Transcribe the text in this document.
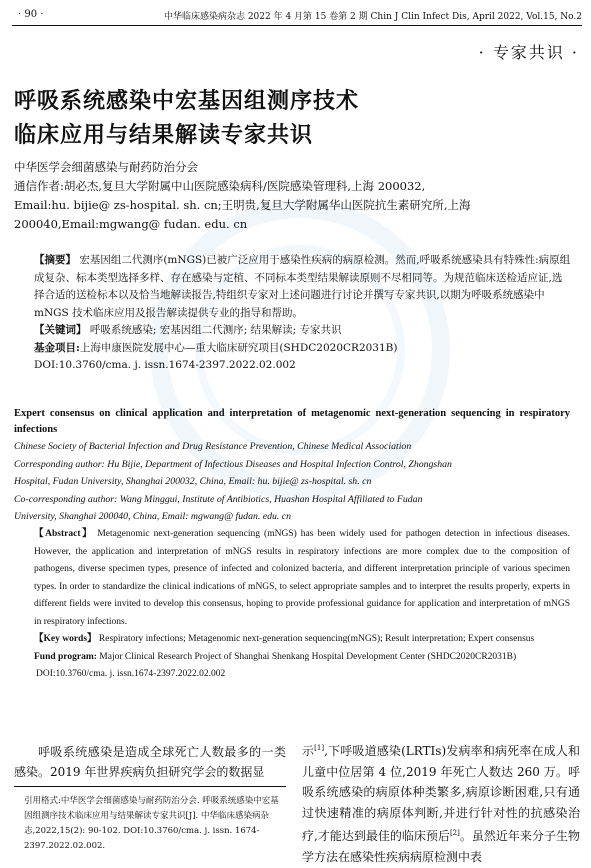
· 90 ·	中华临床感染病杂志 2022 年 4 月第 15 卷第 2 期 Chin J Clin Infect Dis, April 2022, Vol.15, No.2
· 专家共识 ·
呼吸系统感染中宏基因组测序技术
临床应用与结果解读专家共识
中华医学会细菌感染与耐药防治分会
通信作者:胡必杰,复旦大学附属中山医院感染病科/医院感染管理科,上海 200032,
Email:hu. bijie@ zs-hospital. sh. cn;王明贵,复旦大学附属华山医院抗生素研究所,上海
200040,Email:mgwang@ fudan. edu. cn

【摘要】 宏基因组二代测序(mNGS)已被广泛应用于感染性疾病的病原检测。然而,呼吸系统感染具有特殊性:病原组成复杂、标本类型选择多样、存在感染与定植、不同标本类型结果解读原则不尽相同等。为规范临床送检适应证,选择合适的送检标本以及恰当地解读报告,特组织专家对上述问题进行讨论并撰写专家共识,以期为呼吸系统感染中 mNGS 技术临床应用及报告解读提供专业的指导和帮助。

【关键词】 呼吸系统感染; 宏基因组二代测序; 结果解读; 专家共识

基金项目:上海申康医院发展中心—重大临床研究项目(SHDC2020CR2031B)

DOI:10.3760/cma. j. issn.1674-2397.2022.02.002

Expert consensus on clinical application and interpretation of metagenomic next-generation sequencing in respiratory infections
Chinese Society of Bacterial Infection and Drug Resistance Prevention, Chinese Medical Association
Corresponding author: Hu Bijie, Department of Infectious Diseases and Hospital Infection Control, Zhongshan
Hospital, Fudan University, Shanghai 200032, China, Email: hu. bijie@ zs-hospital. sh. cn
Co-corresponding author: Wang Minggui, Institute of Antibiotics, Huashan Hospital Affiliated to Fudan
University, Shanghai 200040, China, Email: mgwang@ fudan. edu. cn
【Abstract】 Metagenomic next-generation sequencing (mNGS) has been widely used for pathogen detection in infectious diseases. However, the application and interpretation of mNGS results in respiratory infections are more complex due to the composition of pathogens, diverse specimen types, presence of infected and colonized bacteria, and different interpretation principle of various specimen types. In order to standardize the clinical indications of mNGS, to select appropriate samples and to interpret the results properly, experts in different fields were invited to develop this consensus, hoping to provide professional guidance for application and interpretation of mNGS in respiratory infections.
【Key words】 Respiratory infections; Metagenomic next-generation sequencing(mNGS); Result interpretation; Expert consensus
Fund program: Major Clinical Research Project of Shanghai Shenkang Hospital Development Center (SHDC2020CR2031B)
DOI:10.3760/cma. j. issn.1674-2397.2022.02.002
呼吸系统感染是造成全球死亡人数最多的一类感染。2019 年世界疾病负担研究学会的数据显
引用格式:中华医学会细菌感染与耐药防治分会. 呼吸系统感染中宏基因组测序技术临床应用与结果解读专家共识[J]. 中华临床感染病杂志,2022,15(2): 90-102. DOI:10.3760/cma. j. issn. 1674-2397.2022.02.002.
示[1],下呼吸道感染(LRTIs)发病率和病死率在成人和儿童中位居第 4 位,2019 年死亡人数达 260 万。呼吸系统感染的病原体种类繁多,病原诊断困难,只有通过快速精准的病原体判断,并进行针对性的抗感染治疗,才能达到最佳的临床预后[2]。虽然近年来分子生物学方法在感染性疾病病原检测中表
